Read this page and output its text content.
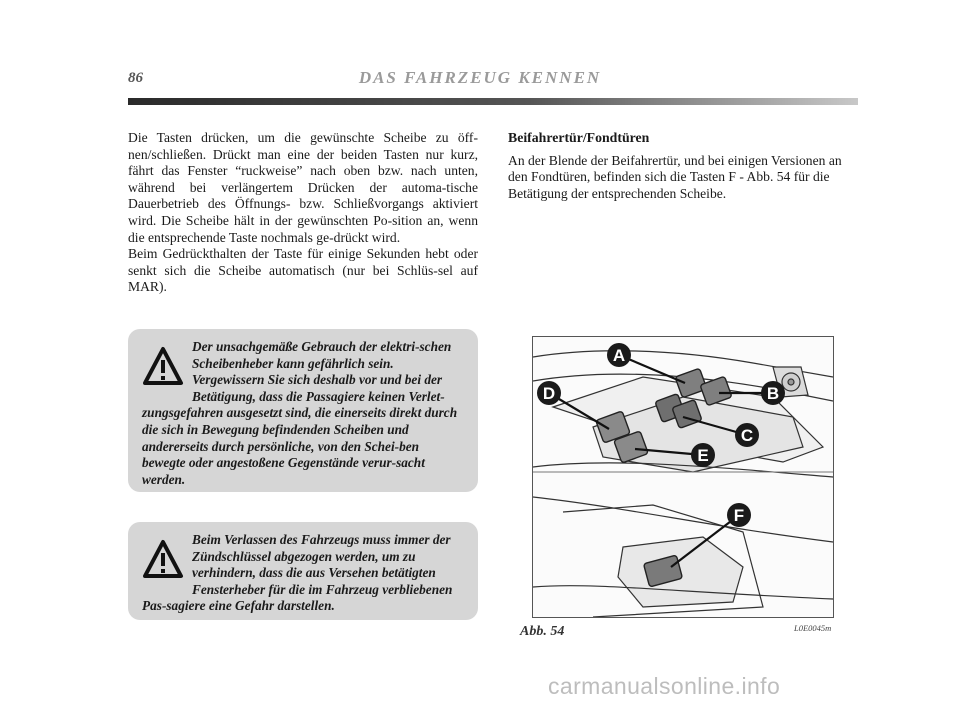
86	DAS FAHRZEUG KENNEN

Die Tasten drücken, um die gewünschte Scheibe zu öff-nen/schließen. Drückt man eine der beiden Tasten nur kurz, fährt das Fenster “ruckweise” nach oben bzw. nach unten, während bei verlängertem Drücken der automa-tische Dauerbetrieb des Öffnungs- bzw. Schließvorgangs aktiviert wird. Die Scheibe hält in der gewünschten Po-sition an, wenn die entsprechende Taste nochmals ge-drückt wird.

Beim Gedrückthalten der Taste für einige Sekunden hebt oder senkt sich die Scheibe automatisch (nur bei Schlüs-sel auf MAR).

Der unsachgemäße Gebrauch der elektri-schen Scheibenheber kann gefährlich sein. Vergewissern Sie sich deshalb vor und bei der Betätigung, dass die Passagiere keinen Verlet-zungsgefahren ausgesetzt sind, die einerseits direkt durch die sich in Bewegung befindenden Scheiben und andererseits durch persönliche, von den Schei-ben bewegte oder angestoßene Gegenstände verur-sacht werden.
Beim Verlassen des Fahrzeugs muss immer der Zündschlüssel abgezogen werden, um zu verhindern, dass die aus Versehen betätigten Fensterheber für die im Fahrzeug verbliebenen Pas-sagiere eine Gefahr darstellen.
Beifahrertür/Fondtüren

An der Blende der Beifahrertür, und bei einigen Versionen an den Fondtüren, befinden sich die Tasten F - Abb. 54 für die Betätigung der entsprechenden Scheibe.

A
B
C
D
E
F
Abb. 54	L0E0045m
carmanualsonline.info
